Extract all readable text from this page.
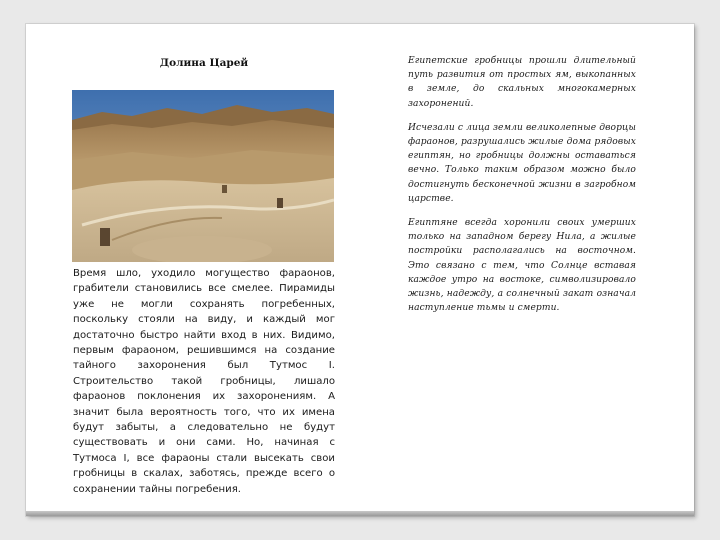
Долина Царей

Время шло, уходило могущество фараонов, грабители становились все смелее. Пирамиды уже не могли сохранять погребенных, поскольку стояли на виду, и каждый мог достаточно быстро найти вход в них. Видимо, первым фараоном, решившимся на создание тайного захоронения был Тутмос I. Строительство такой гробницы, лишало фараонов поклонения их захоронениям. А значит была вероятность того, что их имена будут забыты, а следовательно не будут существовать и они сами. Но, начиная с Тутмоса I, все фараоны стали высекать свои гробницы в скалах, заботясь, прежде всего о сохранении тайны погребения.

Египетские гробницы прошли длительный путь развития от простых ям, выкопанных в земле, до скальных многокамерных захоронений.

Исчезали с лица земли великолепные дворцы фараонов, разрушались жилые дома рядовых египтян, но гробницы должны оставаться вечно. Только таким образом можно было достигнуть бесконечной жизни в загробном царстве.

Египтяне всегда хоронили своих умерших только на западном берегу Нила, а жилые постройки располагались на восточном. Это связано с тем, что Солнце вставая каждое утро на востоке, символизировало жизнь, надежду, а солнечный закат означал наступление тьмы и смерти.
